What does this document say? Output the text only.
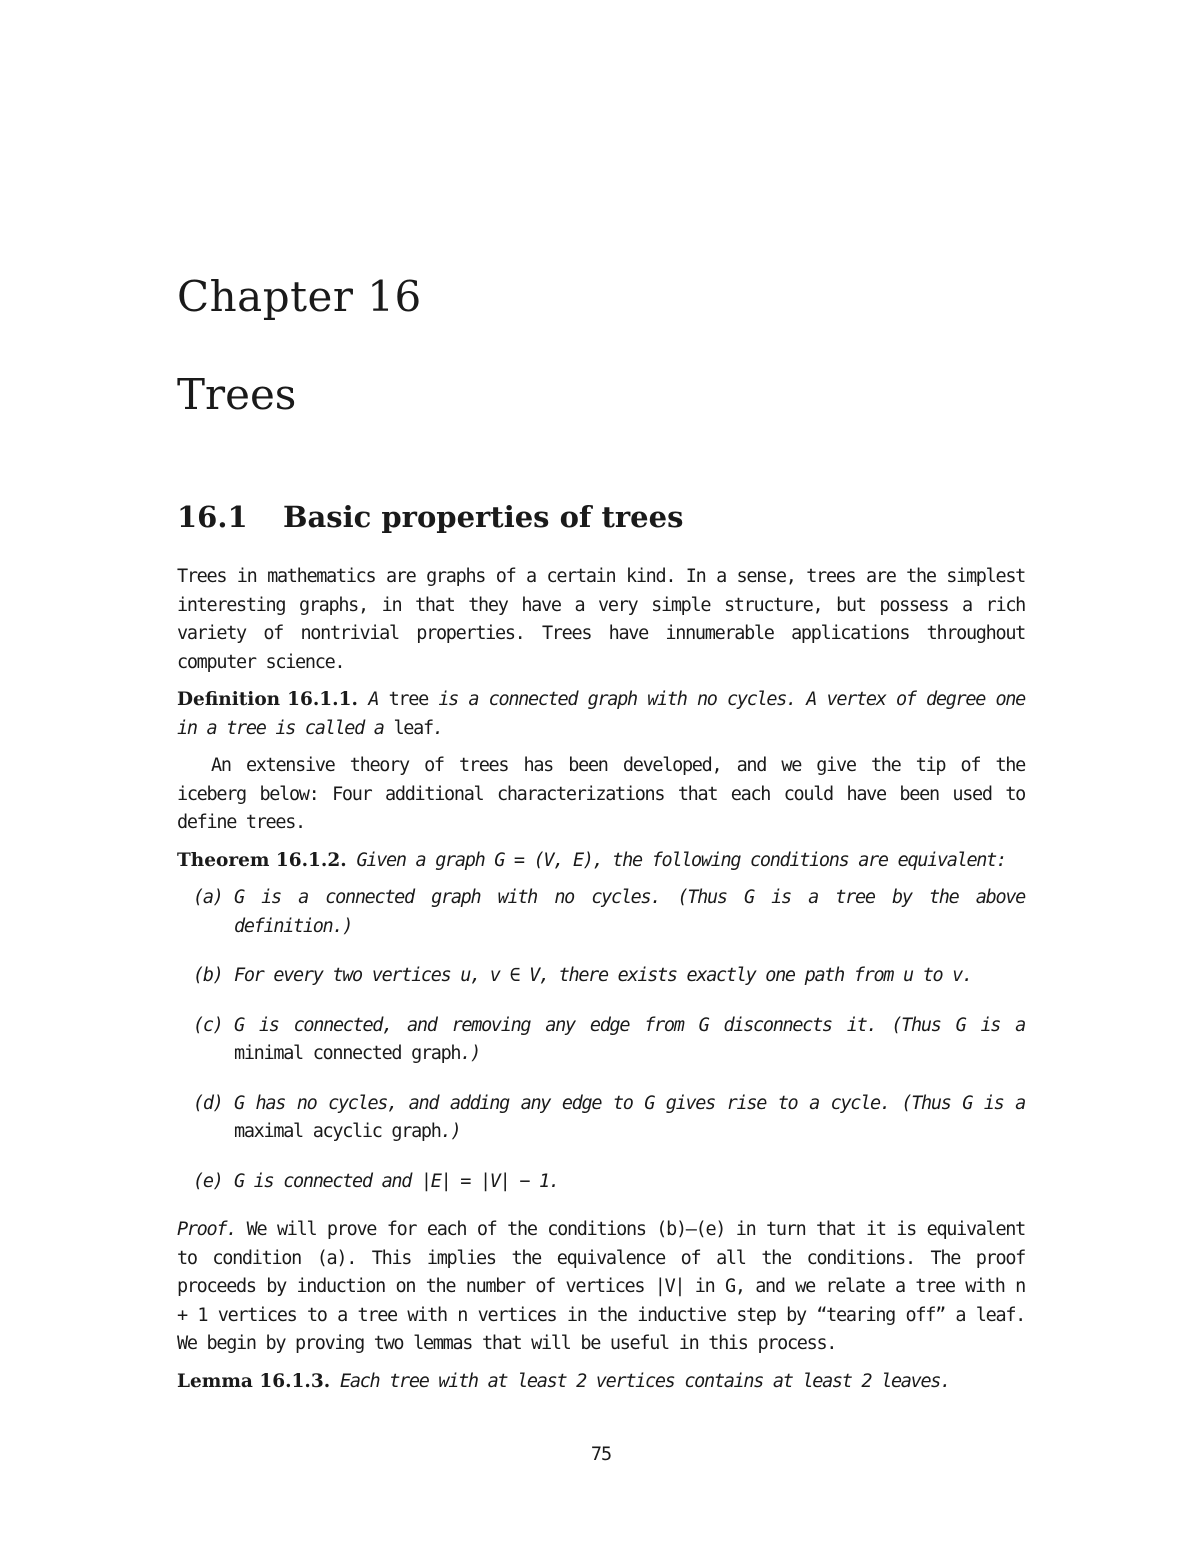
Chapter 16
Trees
16.1 Basic properties of trees

Trees in mathematics are graphs of a certain kind. In a sense, trees are the simplest interesting graphs, in that they have a very simple structure, but possess a rich variety of nontrivial properties. Trees have innumerable applications throughout computer science.

Definition 16.1.1. A tree is a connected graph with no cycles. A vertex of degree one in a tree is called a leaf.

An extensive theory of trees has been developed, and we give the tip of the iceberg below: Four additional characterizations that each could have been used to define trees.

Theorem 16.1.2. Given a graph G = (V, E), the following conditions are equivalent:

(a) G is a connected graph with no cycles. (Thus G is a tree by the above definition.)
(b) For every two vertices u, v ∈ V, there exists exactly one path from u to v.
(c) G is connected, and removing any edge from G disconnects it. (Thus G is a minimal connected graph.)
(d) G has no cycles, and adding any edge to G gives rise to a cycle. (Thus G is a maximal acyclic graph.)
(e) G is connected and |E| = |V| − 1.

Proof. We will prove for each of the conditions (b)–(e) in turn that it is equivalent to condition (a). This implies the equivalence of all the conditions. The proof proceeds by induction on the number of vertices |V| in G, and we relate a tree with n + 1 vertices to a tree with n vertices in the inductive step by “tearing off” a leaf. We begin by proving two lemmas that will be useful in this process.

Lemma 16.1.3. Each tree with at least 2 vertices contains at least 2 leaves.

75
